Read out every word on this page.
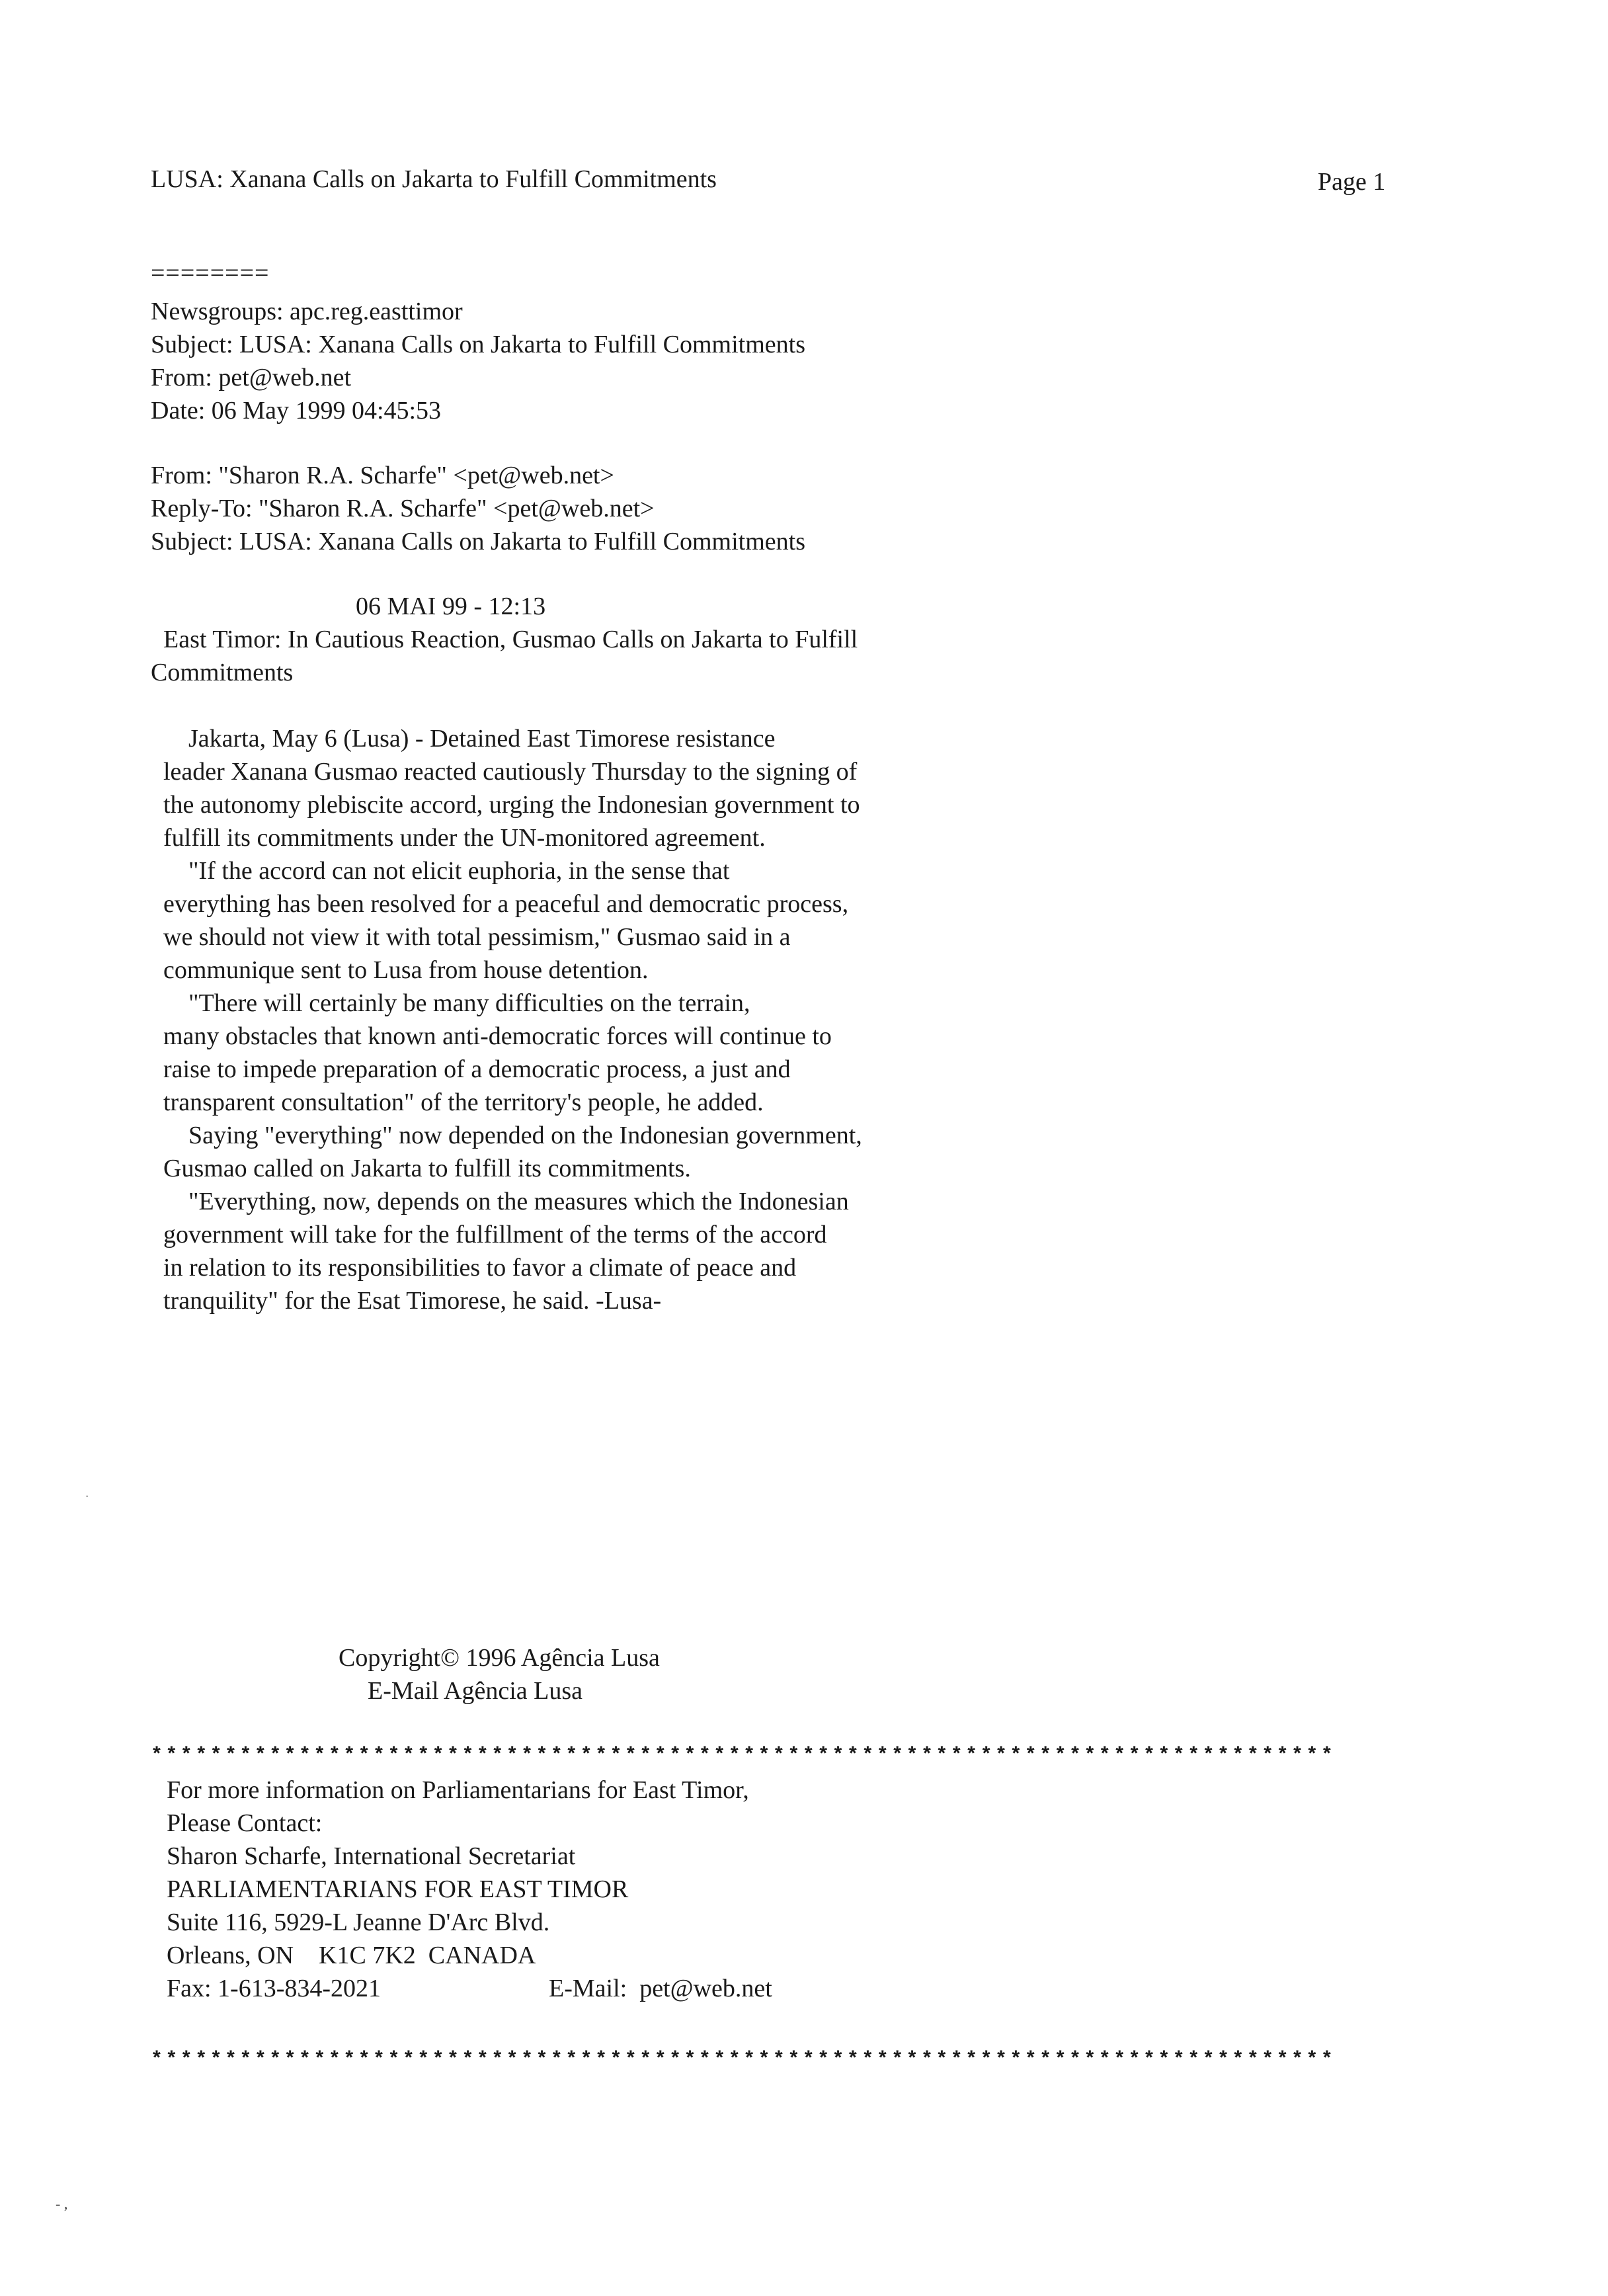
LUSA: Xanana Calls on Jakarta to Fulfill Commitments	Page 1
========
Newsgroups: apc.reg.easttimor
Subject: LUSA: Xanana Calls on Jakarta to Fulfill Commitments
From: pet@web.net
Date: 06 May 1999 04:45:53
From: "Sharon R.A. Scharfe" <pet@web.net>
Reply-To: "Sharon R.A. Scharfe" <pet@web.net>
Subject: LUSA: Xanana Calls on Jakarta to Fulfill Commitments
06 MAI 99 - 12:13
East Timor: In Cautious Reaction, Gusmao Calls on Jakarta to Fulfill
Commitments
Jakarta, May 6 (Lusa) - Detained East Timorese resistance
leader Xanana Gusmao reacted cautiously Thursday to the signing of
the autonomy plebiscite accord, urging the Indonesian government to
fulfill its commitments under the UN-monitored agreement.
"If the accord can not elicit euphoria, in the sense that
everything has been resolved for a peaceful and democratic process,
we should not view it with total pessimism," Gusmao said in a
communique sent to Lusa from house detention.
"There will certainly be many difficulties on the terrain,
many obstacles that known anti-democratic forces will continue to
raise to impede preparation of a democratic process, a just and
transparent consultation" of the territory's people, he added.
Saying "everything" now depended on the Indonesian government,
Gusmao called on Jakarta to fulfill its commitments.
"Everything, now, depends on the measures which the Indonesian
government will take for the fulfillment of the terms of the accord
in relation to its responsibilities to favor a climate of peace and
tranquility" for the Esat Timorese, he said. -Lusa-
Copyright© 1996 Agência Lusa
E-Mail Agência Lusa
********************************************************************************
For more information on Parliamentarians for East Timor,
Please Contact:
Sharon Scharfe, International Secretariat
PARLIAMENTARIANS FOR EAST TIMOR
Suite 116, 5929-L Jeanne D'Arc Blvd.
Orleans, ON    K1C 7K2  CANADA
Fax: 1-613-834-2021	E-Mail:  pet@web.net
********************************************************************************
·
- ,
